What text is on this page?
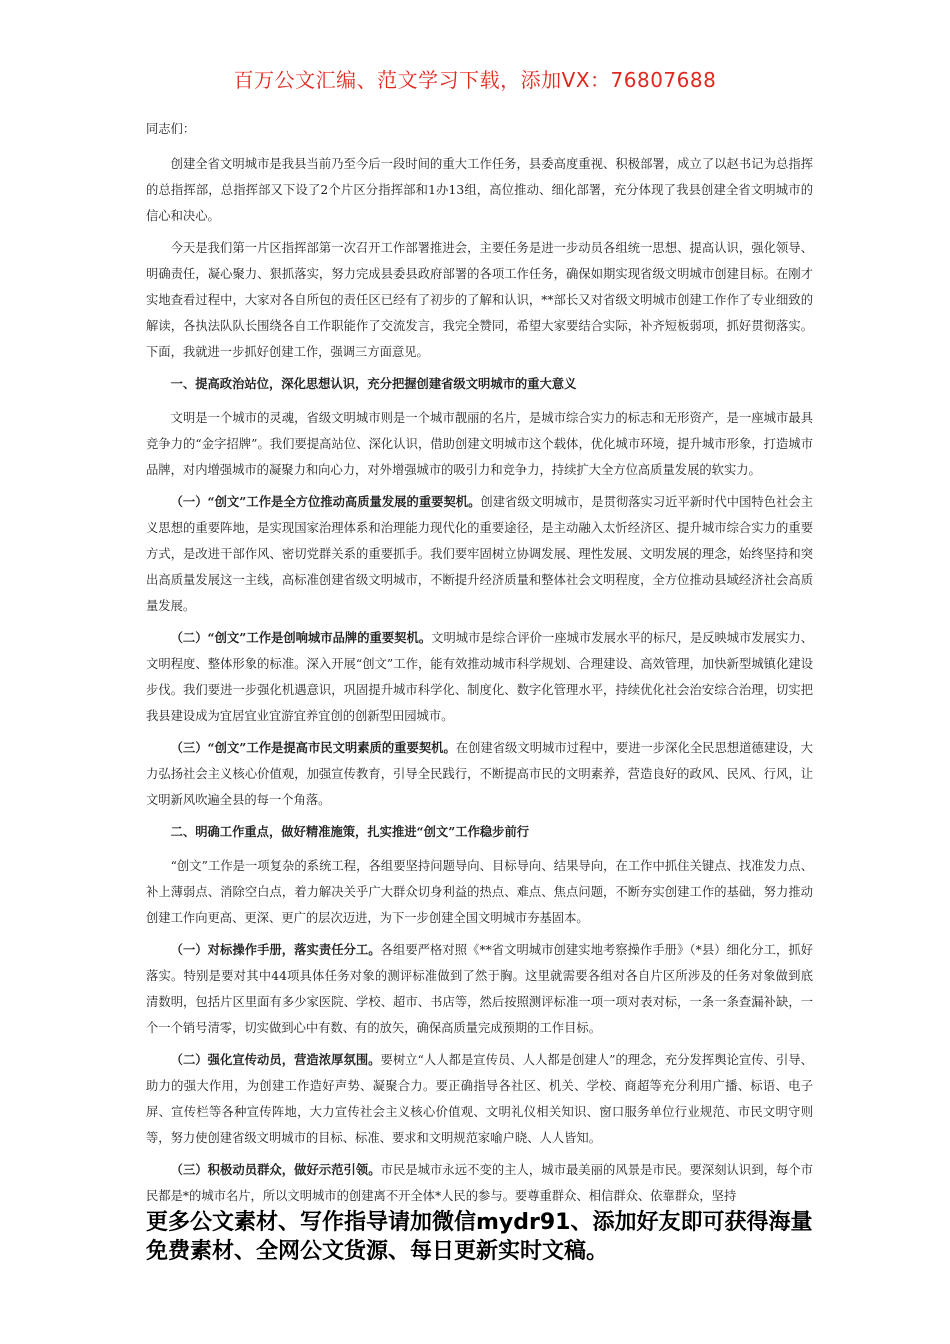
百万公文汇编、范文学习下载，添加VX：76807688

同志们：

创建全省文明城市是我县当前乃至今后一段时间的重大工作任务，县委高度重视、积极部署，成立了以赵书记为总指挥的总指挥部，总指挥部又下设了2个片区分指挥部和1办13组，高位推动、细化部署，充分体现了我县创建全省文明城市的信心和决心。

今天是我们第一片区指挥部第一次召开工作部署推进会，主要任务是进一步动员各组统一思想、提高认识，强化领导、明确责任，凝心聚力、狠抓落实，努力完成县委县政府部署的各项工作任务，确保如期实现省级文明城市创建目标。在刚才实地查看过程中，大家对各自所包的责任区已经有了初步的了解和认识，**部长又对省级文明城市创建工作作了专业细致的解读，各执法队队长围绕各自工作职能作了交流发言，我完全赞同，希望大家要结合实际，补齐短板弱项，抓好贯彻落实。下面，我就进一步抓好创建工作，强调三方面意见。

一、提高政治站位，深化思想认识，充分把握创建省级文明城市的重大意义

文明是一个城市的灵魂，省级文明城市则是一个城市靓丽的名片，是城市综合实力的标志和无形资产，是一座城市最具竞争力的“金字招牌”。我们要提高站位、深化认识，借助创建文明城市这个载体，优化城市环境，提升城市形象，打造城市品牌，对内增强城市的凝聚力和向心力，对外增强城市的吸引力和竞争力，持续扩大全方位高质量发展的软实力。

（一）“创文”工作是全方位推动高质量发展的重要契机。创建省级文明城市，是贯彻落实习近平新时代中国特色社会主义思想的重要阵地，是实现国家治理体系和治理能力现代化的重要途径，是主动融入太忻经济区、提升城市综合实力的重要方式，是改进干部作风、密切党群关系的重要抓手。我们要牢固树立协调发展、理性发展、文明发展的理念，始终坚持和突出高质量发展这一主线，高标准创建省级文明城市，不断提升经济质量和整体社会文明程度，全方位推动县域经济社会高质量发展。

（二）“创文”工作是创响城市品牌的重要契机。文明城市是综合评价一座城市发展水平的标尺，是反映城市发展实力、文明程度、整体形象的标准。深入开展“创文”工作，能有效推动城市科学规划、合理建设、高效管理，加快新型城镇化建设步伐。我们要进一步强化机遇意识，巩固提升城市科学化、制度化、数字化管理水平，持续优化社会治安综合治理，切实把我县建设成为宜居宜业宜游宜养宜创的创新型田园城市。

（三）“创文”工作是提高市民文明素质的重要契机。在创建省级文明城市过程中，要进一步深化全民思想道德建设，大力弘扬社会主义核心价值观，加强宣传教育，引导全民践行，不断提高市民的文明素养，营造良好的政风、民风、行风，让文明新风吹遍全县的每一个角落。

二、明确工作重点，做好精准施策，扎实推进“创文”工作稳步前行

“创文”工作是一项复杂的系统工程，各组要坚持问题导向、目标导向、结果导向，在工作中抓住关键点、找准发力点、补上薄弱点、消除空白点，着力解决关乎广大群众切身利益的热点、难点、焦点问题，不断夯实创建工作的基础，努力推动创建工作向更高、更深、更广的层次迈进，为下一步创建全国文明城市夯基固本。

（一）对标操作手册，落实责任分工。各组要严格对照《**省文明城市创建实地考察操作手册》（*县）细化分工，抓好落实。特别是要对其中44项具体任务对象的测评标准做到了然于胸。这里就需要各组对各自片区所涉及的任务对象做到底清数明，包括片区里面有多少家医院、学校、超市、书店等，然后按照测评标准一项一项对表对标，一条一条查漏补缺，一个一个销号清零，切实做到心中有数、有的放矢，确保高质量完成预期的工作目标。

（二）强化宣传动员，营造浓厚氛围。要树立“人人都是宣传员、人人都是创建人”的理念，充分发挥舆论宣传、引导、助力的强大作用，为创建工作造好声势、凝聚合力。要正确指导各社区、机关、学校、商超等充分利用广播、标语、电子屏、宣传栏等各种宣传阵地，大力宣传社会主义核心价值观、文明礼仪相关知识、窗口服务单位行业规范、市民文明守则等，努力使创建省级文明城市的目标、标准、要求和文明规范家喻户晓、人人皆知。

（三）积极动员群众，做好示范引领。市民是城市永远不变的主人，城市最美丽的风景是市民。要深刻认识到，每个市民都是*的城市名片，所以文明城市的创建离不开全体*人民的参与。要尊重群众、相信群众、依靠群众，坚持

更多公文素材、写作指导请加微信mydr91、添加好友即可获得海量免费素材、全网公文货源、每日更新实时文稿。
